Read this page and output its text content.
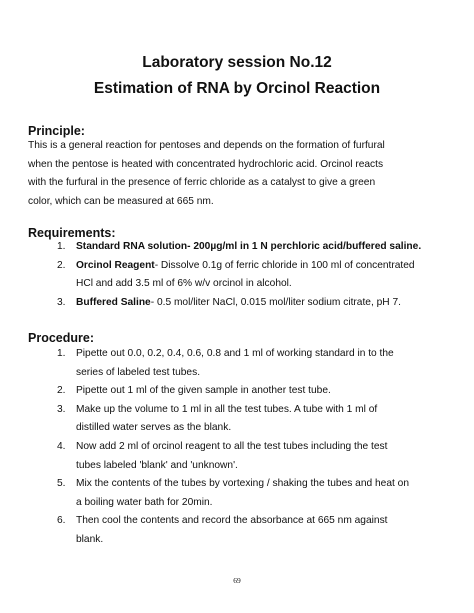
Laboratory session No.12
Estimation of RNA by Orcinol Reaction
Principle:
This is a general reaction for pentoses and depends on the formation of furfural
when the pentose is heated with concentrated hydrochloric acid. Orcinol reacts
with the furfural in the presence of ferric chloride as a catalyst to give a green
color, which can be measured at 665 nm.
Requirements:
1.	Standard RNA solution- 200µg/ml in 1 N perchloric acid/buffered saline.
2.	Orcinol Reagent- Dissolve 0.1g of ferric chloride in 100 ml of concentrated
HCl and add 3.5 ml of 6% w/v orcinol in alcohol.
3.	Buffered Saline- 0.5 mol/liter NaCl, 0.015 mol/liter sodium citrate, pH 7.
Procedure:
1.	Pipette out 0.0, 0.2, 0.4, 0.6, 0.8 and 1 ml of working standard in to the
series of labeled test tubes.
2.	Pipette out 1 ml of the given sample in another test tube.
3.	Make up the volume to 1 ml in all the test tubes. A tube with 1 ml of
distilled water serves as the blank.
4.	Now add 2 ml of orcinol reagent to all the test tubes including the test
tubes labeled 'blank' and 'unknown'.
5.	Mix the contents of the tubes by vortexing / shaking the tubes and heat on
a boiling water bath for 20min.
6.	Then cool the contents and record the absorbance at 665 nm against
blank.
69
